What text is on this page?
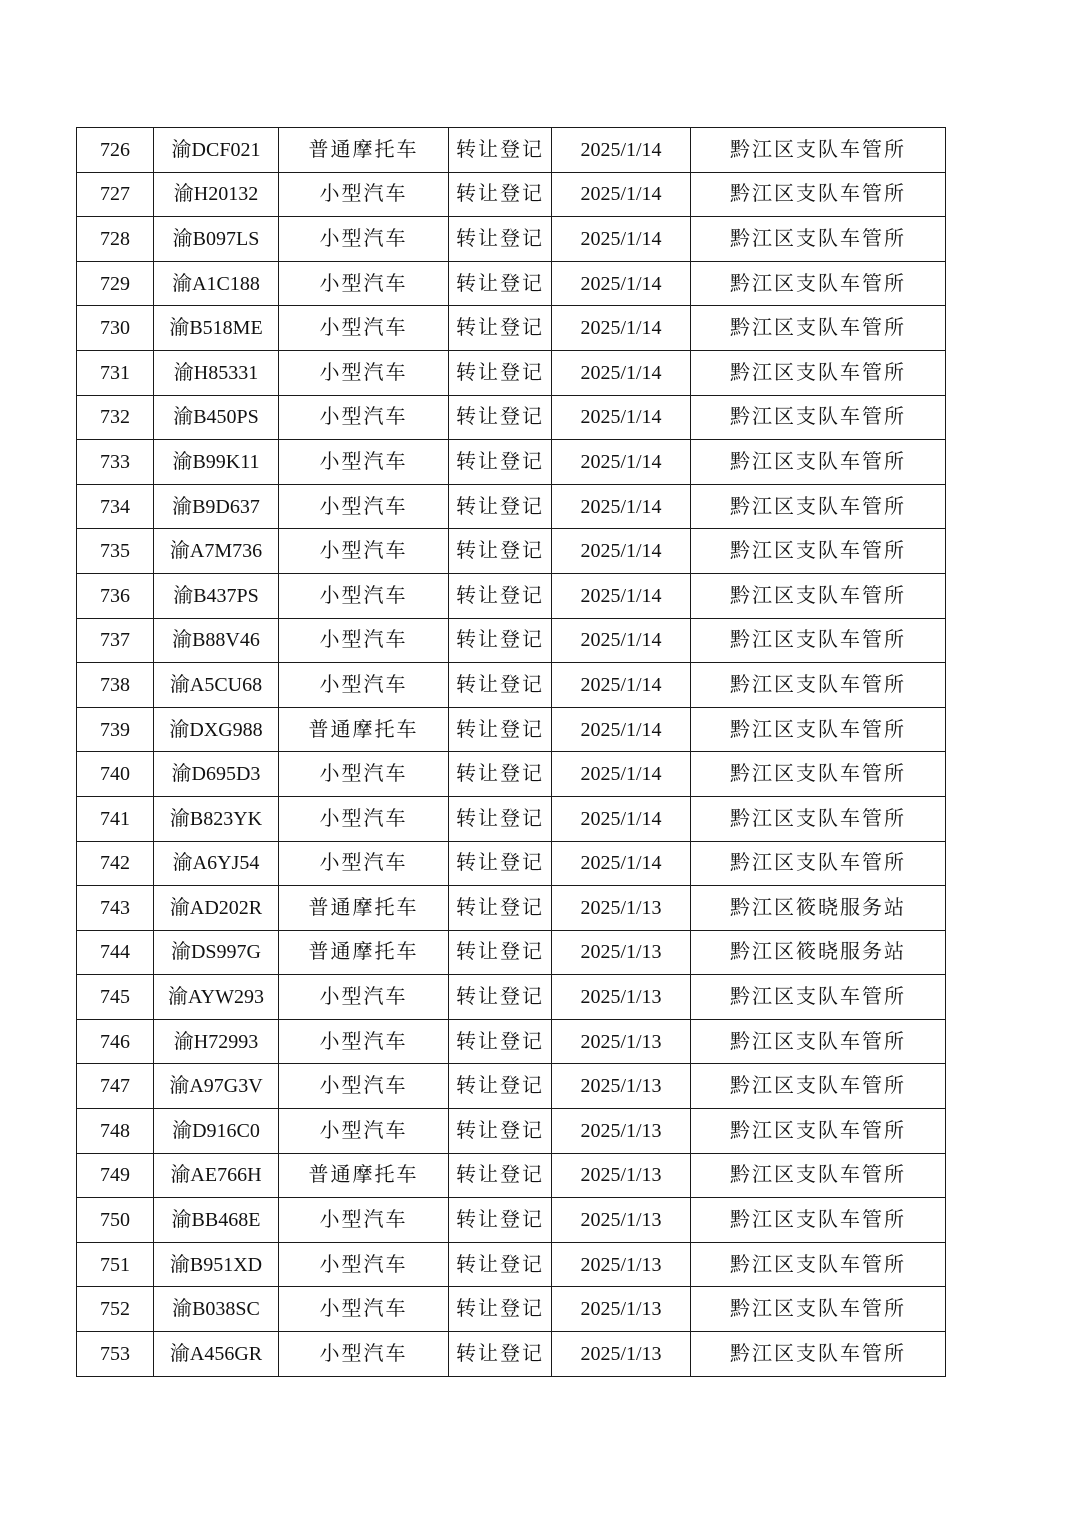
726	渝DCF021	普通摩托车	转让登记	2025/1/14	黔江区支队车管所
727	渝H20132	小型汽车	转让登记	2025/1/14	黔江区支队车管所
728	渝B097LS	小型汽车	转让登记	2025/1/14	黔江区支队车管所
729	渝A1C188	小型汽车	转让登记	2025/1/14	黔江区支队车管所
730	渝B518ME	小型汽车	转让登记	2025/1/14	黔江区支队车管所
731	渝H85331	小型汽车	转让登记	2025/1/14	黔江区支队车管所
732	渝B450PS	小型汽车	转让登记	2025/1/14	黔江区支队车管所
733	渝B99K11	小型汽车	转让登记	2025/1/14	黔江区支队车管所
734	渝B9D637	小型汽车	转让登记	2025/1/14	黔江区支队车管所
735	渝A7M736	小型汽车	转让登记	2025/1/14	黔江区支队车管所
736	渝B437PS	小型汽车	转让登记	2025/1/14	黔江区支队车管所
737	渝B88V46	小型汽车	转让登记	2025/1/14	黔江区支队车管所
738	渝A5CU68	小型汽车	转让登记	2025/1/14	黔江区支队车管所
739	渝DXG988	普通摩托车	转让登记	2025/1/14	黔江区支队车管所
740	渝D695D3	小型汽车	转让登记	2025/1/14	黔江区支队车管所
741	渝B823YK	小型汽车	转让登记	2025/1/14	黔江区支队车管所
742	渝A6YJ54	小型汽车	转让登记	2025/1/14	黔江区支队车管所
743	渝AD202R	普通摩托车	转让登记	2025/1/13	黔江区筱晓服务站
744	渝DS997G	普通摩托车	转让登记	2025/1/13	黔江区筱晓服务站
745	渝AYW293	小型汽车	转让登记	2025/1/13	黔江区支队车管所
746	渝H72993	小型汽车	转让登记	2025/1/13	黔江区支队车管所
747	渝A97G3V	小型汽车	转让登记	2025/1/13	黔江区支队车管所
748	渝D916C0	小型汽车	转让登记	2025/1/13	黔江区支队车管所
749	渝AE766H	普通摩托车	转让登记	2025/1/13	黔江区支队车管所
750	渝BB468E	小型汽车	转让登记	2025/1/13	黔江区支队车管所
751	渝B951XD	小型汽车	转让登记	2025/1/13	黔江区支队车管所
752	渝B038SC	小型汽车	转让登记	2025/1/13	黔江区支队车管所
753	渝A456GR	小型汽车	转让登记	2025/1/13	黔江区支队车管所
